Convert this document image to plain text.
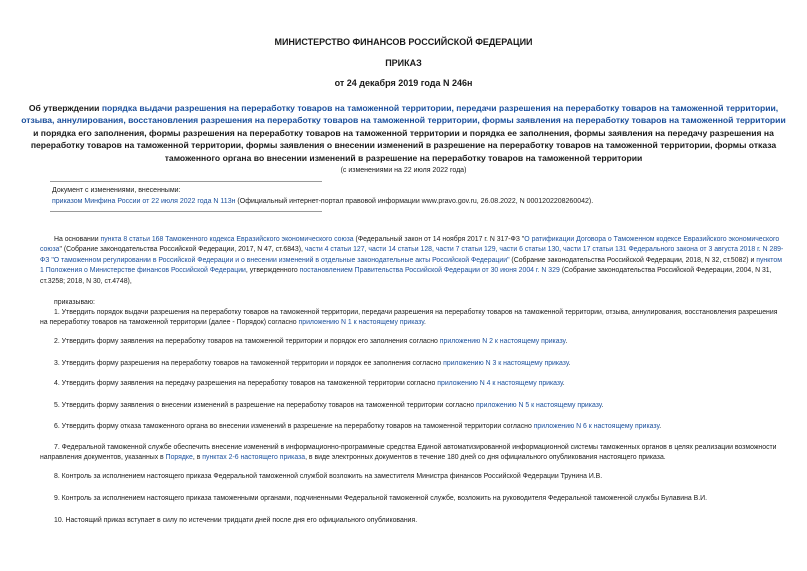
МИНИСТЕРСТВО ФИНАНСОВ РОССИЙСКОЙ ФЕДЕРАЦИИ
ПРИКАЗ
от 24 декабря 2019 года N 246н
Об утверждении порядка выдачи разрешения на переработку товаров на таможенной территории, передачи разрешения на переработку товаров на таможенной территории, отзыва, аннулирования, восстановления разрешения на переработку товаров на таможенной территории, формы заявления на переработку товаров на таможенной территории и порядка его заполнения, формы разрешения на переработку товаров на таможенной территории и порядка ее заполнения, формы заявления на передачу разрешения на переработку товаров на таможенной территории, формы заявления о внесении изменений в разрешение на переработку товаров на таможенной территории, формы отказа таможенного органа во внесении изменений в разрешение на переработку товаров на таможенной территории
(с изменениями на 22 июля 2022 года)
Документ с изменениями, внесенными:
приказом Минфина России от 22 июля 2022 года N 113н (Официальный интернет-портал правовой информации www.pravo.gov.ru, 26.08.2022, N 0001202208260042).
На основании пункта 8 статьи 168 Таможенного кодекса Евразийского экономического союза (Федеральный закон от 14 ноября 2017 г. N 317-ФЗ "О ратификации Договора о Таможенном кодексе Евразийского экономического союза" (Собрание законодательства Российской Федерации, 2017, N 47, ст.6843), части 4 статьи 127, части 14 статьи 128, части 7 статьи 129, части 6 статьи 130, части 17 статьи 131 Федерального закона от 3 августа 2018 г. N 289-ФЗ "О таможенном регулировании в Российской Федерации и о внесении изменений в отдельные законодательные акты Российской Федерации" (Собрание законодательства Российской Федерации, 2018, N 32, ст.5082) и пунктом 1 Положения о Министерстве финансов Российской Федерации, утвержденного постановлением Правительства Российской Федерации от 30 июня 2004 г. N 329 (Собрание законодательства Российской Федерации, 2004, N 31, ст.3258; 2018, N 30, ст.4748),
приказываю:
1. Утвердить порядок выдачи разрешения на переработку товаров на таможенной территории, передачи разрешения на переработку товаров на таможенной территории, отзыва, аннулирования, восстановления разрешения на переработку товаров на таможенной территории (далее - Порядок) согласно приложению N 1 к настоящему приказу.
2. Утвердить форму заявления на переработку товаров на таможенной территории и порядок его заполнения согласно приложению N 2 к настоящему приказу.
3. Утвердить форму разрешения на переработку товаров на таможенной территории и порядок ее заполнения согласно приложению N 3 к настоящему приказу.
4. Утвердить форму заявления на передачу разрешения на переработку товаров на таможенной территории согласно приложению N 4 к настоящему приказу.
5. Утвердить форму заявления о внесении изменений в разрешение на переработку товаров на таможенной территории согласно приложению N 5 к настоящему приказу.
6. Утвердить форму отказа таможенного органа во внесении изменений в разрешение на переработку товаров на таможенной территории согласно приложению N 6 к настоящему приказу.
7. Федеральной таможенной службе обеспечить внесение изменений в информационно-программные средства Единой автоматизированной информационной системы таможенных органов в целях реализации возможности направления документов, указанных в Порядке, в пунктах 2-6 настоящего приказа, в виде электронных документов в течение 180 дней со дня официального опубликования настоящего приказа.
8. Контроль за исполнением настоящего приказа Федеральной таможенной службой возложить на заместителя Министра финансов Российской Федерации Трунина И.В.
9. Контроль за исполнением настоящего приказа таможенными органами, подчиненными Федеральной таможенной службе, возложить на руководителя Федеральной таможенной службы Булавина В.И.
10. Настоящий приказ вступает в силу по истечении тридцати дней после дня его официального опубликования.
